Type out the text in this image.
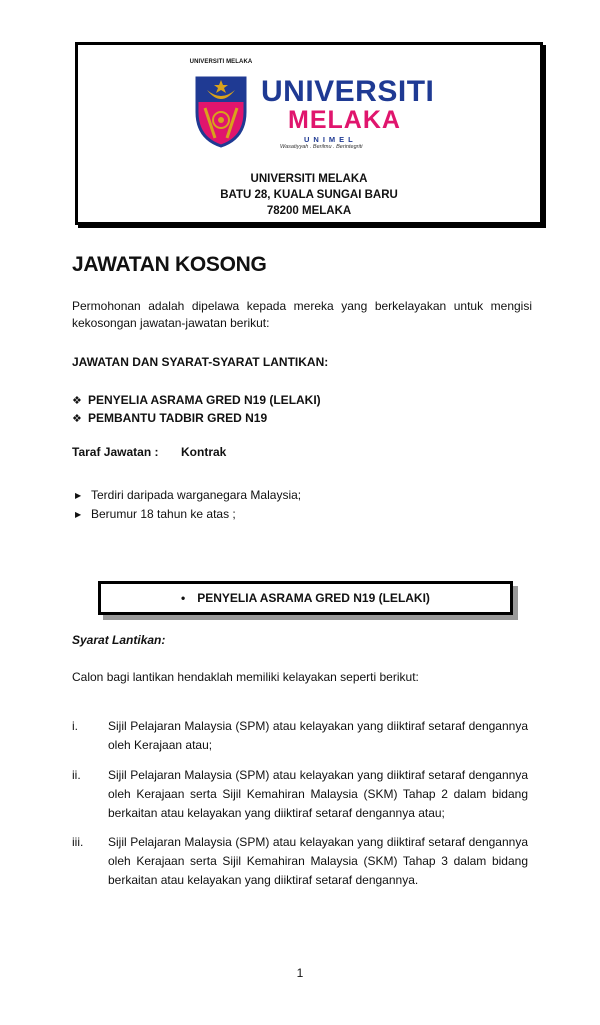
UNIVERSITI MELAKA
UNIVERSITI
MELAKA
UNIMEL
Wasatiyyah . Berilmu . Berintegriti
UNIVERSITI MELAKA
BATU 28, KUALA SUNGAI BARU
78200 MELAKA
JAWATAN KOSONG

Permohonan adalah dipelawa kepada mereka yang berkelayakan untuk mengisi kekosongan jawatan-jawatan berikut:

JAWATAN DAN SYARAT-SYARAT LANTIKAN:
❖ PENYELIA ASRAMA GRED N19 (LELAKI)
❖ PEMBANTU TADBIR GRED N19
Taraf Jawatan : Kontrak
▶ Terdiri daripada warganegara Malaysia;
▶ Berumur 18 tahun ke atas ;
• PENYELIA ASRAMA GRED N19 (LELAKI)
Syarat Lantikan:
Calon bagi lantikan hendaklah memiliki kelayakan seperti berikut:
i.	Sijil Pelajaran Malaysia (SPM) atau kelayakan yang diiktiraf setaraf dengannya oleh Kerajaan atau;

ii. Sijil Pelajaran Malaysia (SPM) atau kelayakan yang diiktiraf setaraf dengannya oleh Kerajaan serta Sijil Kemahiran Malaysia (SKM) Tahap 2 dalam bidang berkaitan atau kelayakan yang diiktiraf setaraf dengannya atau;

iii. Sijil Pelajaran Malaysia (SPM) atau kelayakan yang diiktiraf setaraf dengannya oleh Kerajaan serta Sijil Kemahiran Malaysia (SKM) Tahap 3 dalam bidang berkaitan atau kelayakan yang diiktiraf setaraf dengannya.

1
